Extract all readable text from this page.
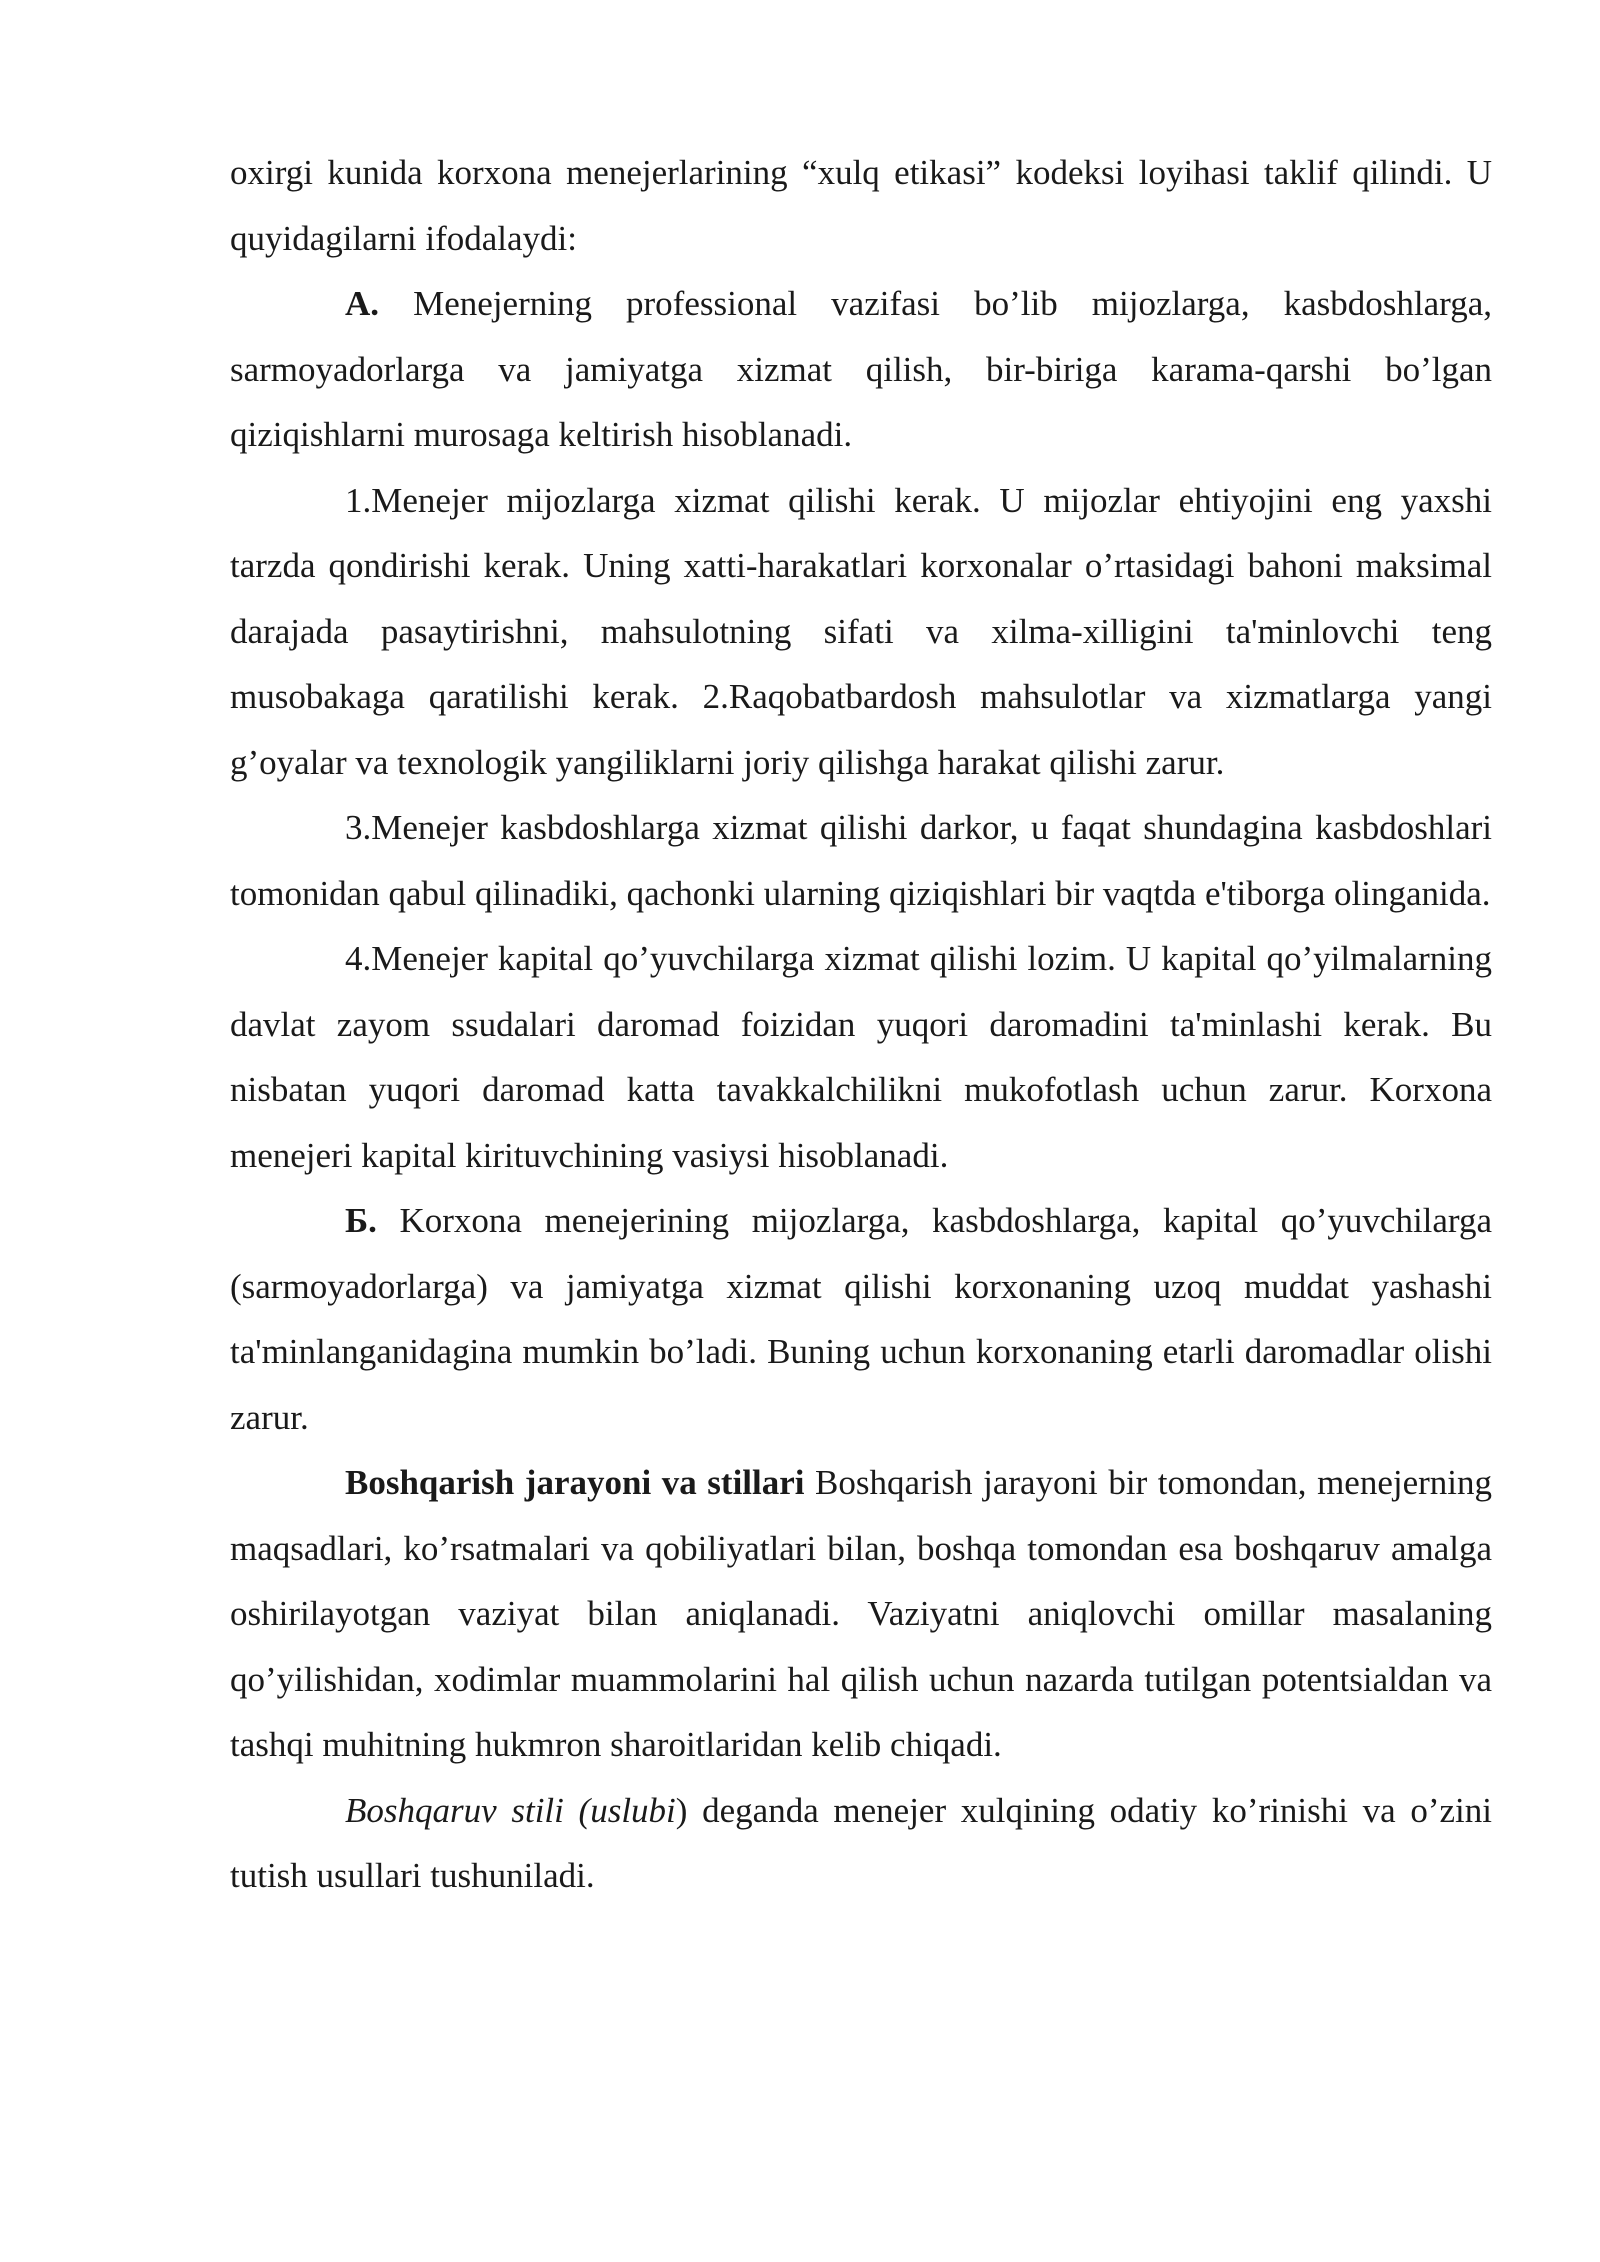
oxirgi kunida korxona menejerlarining “xulq etikasi” kodeksi loyihasi taklif qilindi. U quyidagilarni ifodalaydi:

A. Menejerning professional vazifasi bo’lib mijozlarga, kasbdoshlarga, sarmoyadorlarga va jamiyatga xizmat qilish, bir-biriga karama-qarshi bo’lgan qiziqishlarni murosaga keltirish hisoblanadi.

1.Menejer mijozlarga xizmat qilishi kerak. U mijozlar ehtiyojini eng yaxshi tarzda qondirishi kerak. Uning xatti-harakatlari korxonalar o’rtasidagi bahoni maksimal darajada pasaytirishni, mahsulotning sifati va xilma-xilligini ta'minlovchi teng musobakaga qaratilishi kerak. 2.Raqobatbardosh mahsulotlar va xizmatlarga yangi g’oyalar va texnologik yangiliklarni joriy qilishga harakat qilishi zarur.

3.Menejer kasbdoshlarga xizmat qilishi darkor, u faqat shundagina kasbdoshlari tomonidan qabul qilinadiki, qachonki ularning qiziqishlari bir vaqtda e'tiborga olinganida.

4.Menejer kapital qo’yuvchilarga xizmat qilishi lozim. U kapital qo’yilmalarning davlat zayom ssudalari daromad foizidan yuqori daromadini ta'minlashi kerak. Bu nisbatan yuqori daromad katta tavakkalchilikni mukofotlash uchun zarur. Korxona menejeri kapital kirituvchining vasiysi hisoblanadi.

Б. Korxona menejerining mijozlarga, kasbdoshlarga, kapital qo’yuvchilarga (sarmoyadorlarga) va jamiyatga xizmat qilishi korxonaning uzoq muddat yashashi ta'minlanganidagina mumkin bo’ladi. Buning uchun korxonaning etarli daromadlar olishi zarur.

Boshqarish jarayoni va stillari Boshqarish jarayoni bir tomondan, menejerning maqsadlari, ko’rsatmalari va qobiliyatlari bilan, boshqa tomondan esa boshqaruv amalga oshirilayotgan vaziyat bilan aniqlanadi. Vaziyatni aniqlovchi omillar masalaning qo’yilishidan, xodimlar muammolarini hal qilish uchun nazarda tutilgan potentsialdan va tashqi muhitning hukmron sharoitlaridan kelib chiqadi.

Boshqaruv stili (uslubi) deganda menejer xulqining odatiy ko’rinishi va o’zini tutish usullari tushuniladi.
